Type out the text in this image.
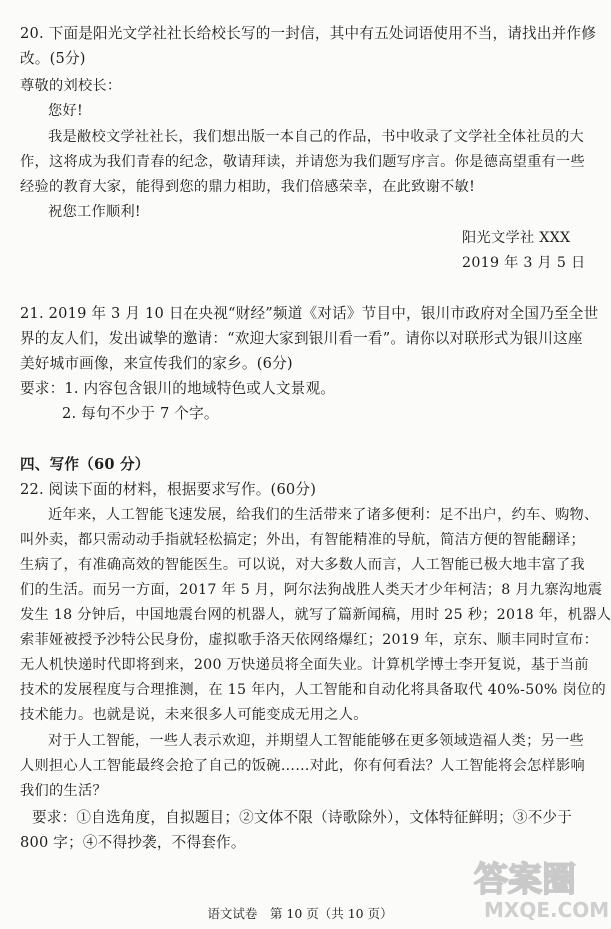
20. 下面是阳光文学社社长给校长写的一封信，其中有五处词语使用不当，请找出并作修
改。(5分)
尊敬的刘校长：
您好!
我是敝校文学社社长，我们想出版一本自己的作品，书中收录了文学社全体社员的大
作，这将成为我们青春的纪念，敬请拜读，并请您为我们题写序言。你是德高望重有一些
经验的教育大家，能得到您的鼎力相助，我们倍感荣幸，在此致谢不敏!
祝您工作顺利!
阳光文学社 XXX
2019 年 3 月 5 日
21. 2019 年 3 月 10 日在央视“财经”频道《对话》节目中，银川市政府对全国乃至全世
界的友人们，发出诚挚的邀请：“欢迎大家到银川看一看”。请你以对联形式为银川这座
美好城市画像，来宣传我们的家乡。(6分)
要求：1. 内容包含银川的地域特色或人文景观。
2. 每句不少于 7 个字。
四、写作（60 分）
22. 阅读下面的材料，根据要求写作。(60分)
近年来，人工智能飞速发展，给我们的生活带来了诸多便利：足不出户，约车、购物、
叫外卖，都只需动动手指就轻松搞定；外出，有智能精准的导航，简洁方便的智能翻译；
生病了，有准确高效的智能医生。可以说，对大多数人而言，人工智能已极大地丰富了我
们的生活。而另一方面，2017 年 5 月，阿尔法狗战胜人类天才少年柯洁；8 月九寨沟地震
发生 18 分钟后，中国地震台网的机器人，就写了篇新闻稿，用时 25 秒；2018 年，机器人
索菲娅被授予沙特公民身份，虚拟歌手洛天依网络爆红；2019 年，京东、顺丰同时宣布：
无人机快递时代即将到来，200 万快递员将全面失业。计算机学博士李开复说，基于当前
技术的发展程度与合理推测，在 15 年内，人工智能和自动化将具备取代 40%-50% 岗位的
技术能力。也就是说，未来很多人可能变成无用之人。
对于人工智能，一些人表示欢迎，并期望人工智能能够在更多领域造福人类；另一些
人则担心人工智能最终会抢了自己的饭碗……对此，你有何看法？人工智能将会怎样影响
我们的生活？
要求：①自选角度，自拟题目；②文体不限（诗歌除外），文体特征鲜明；③不少于
800 字；④不得抄袭，不得套作。
答案圈
MXQE.COM
语文试卷　第 10 页（共 10 页）
